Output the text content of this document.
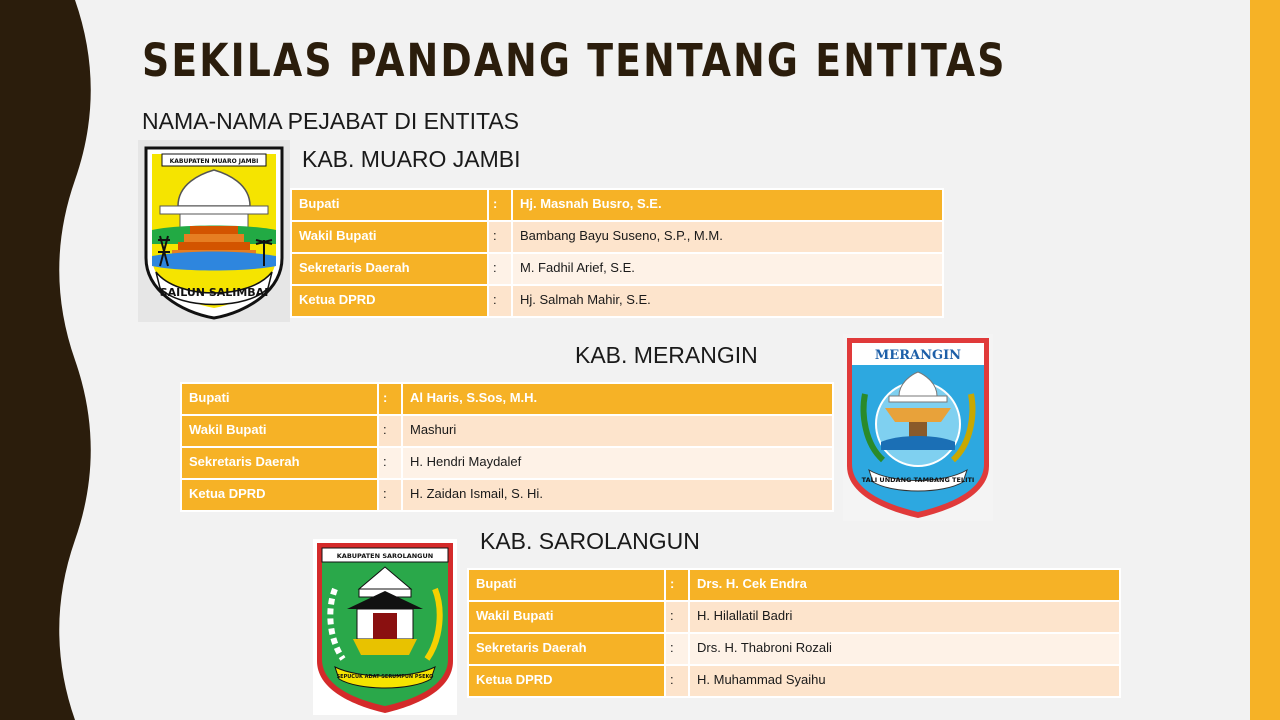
SEKILAS PANDANG TENTANG ENTITAS
NAMA-NAMA PEJABAT DI ENTITAS
KABUPATEN MUARO JAMBI
SAILUN SALIMBAI
KAB. MUARO JAMBI
Bupati	:	Hj. Masnah Busro, S.E.
Wakil Bupati	:	Bambang Bayu Suseno, S.P., M.M.
Sekretaris Daerah	:	M. Fadhil Arief, S.E.
Ketua DPRD	:	Hj. Salmah Mahir, S.E.
KAB. MERANGIN	MERANGIN
TALI UNDANG TAMBANG TELITI
Bupati	:	Al Haris, S.Sos, M.H.
Wakil Bupati	:	Mashuri
Sekretaris Daerah	:	H. Hendri Maydalef
Ketua DPRD	:	H. Zaidan Ismail, S. Hi.
KABUPATEN SAROLANGUN
SEPUCUK ADAT SERUMPUN PSEKO
KAB. SAROLANGUN
Bupati	:	Drs. H. Cek Endra
Wakil Bupati	:	H. Hilallatil Badri
Sekretaris Daerah	:	Drs. H. Thabroni Rozali
Ketua DPRD	:	H. Muhammad Syaihu
